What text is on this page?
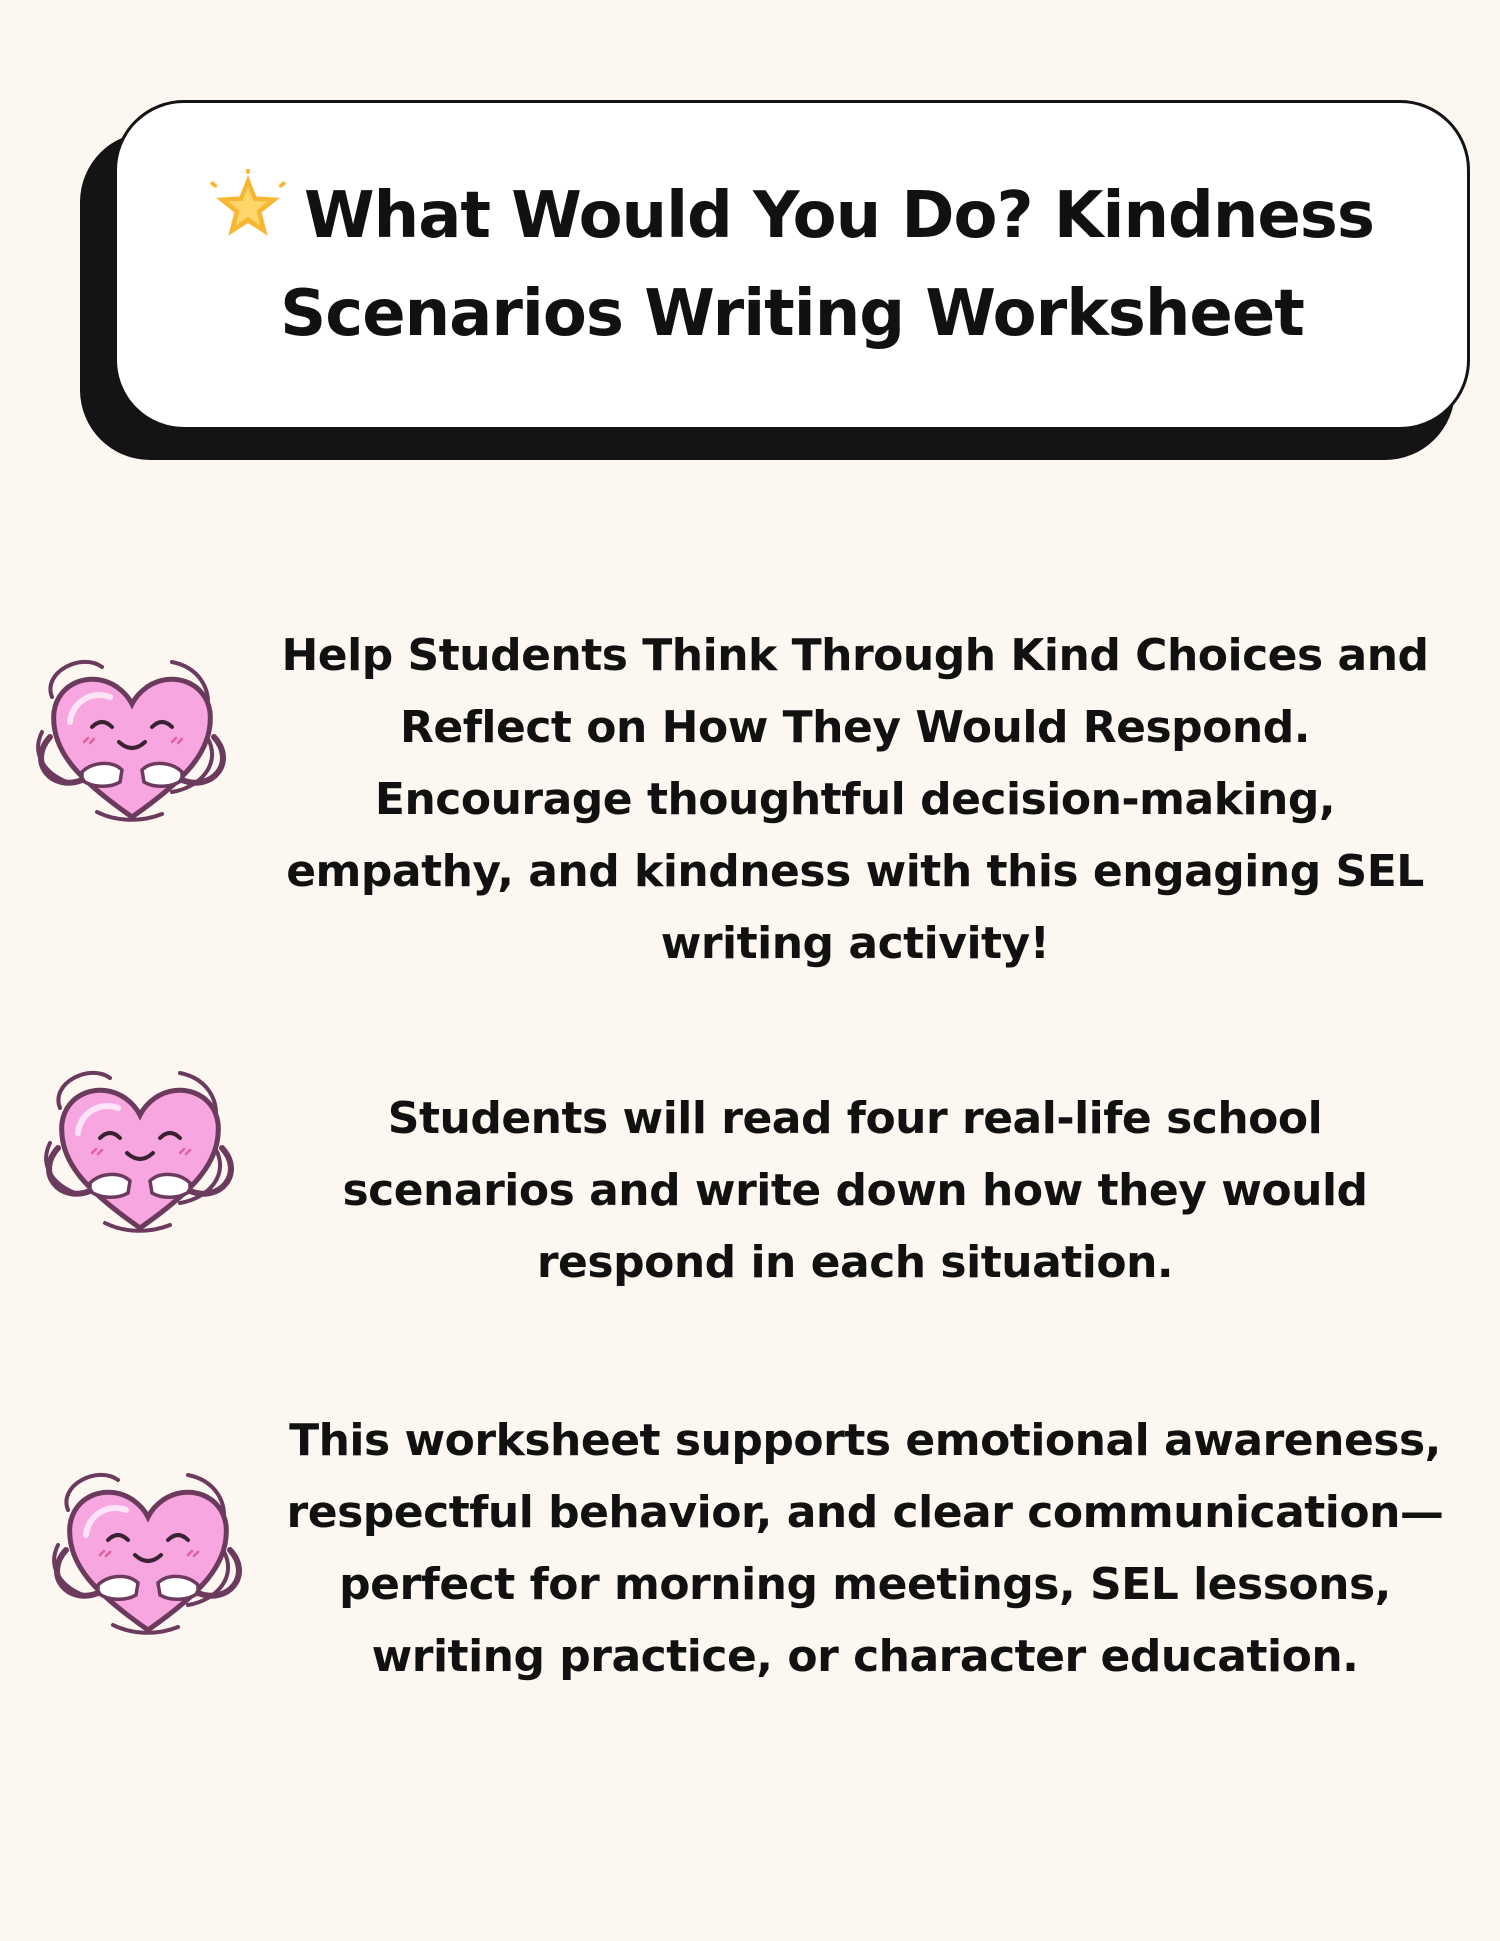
What Would You Do? Kindness Scenarios Writing Worksheet

Help Students Think Through Kind Choices and Reflect on How They Would Respond. Encourage thoughtful decision-making, empathy, and kindness with this engaging SEL writing activity!

Students will read four real-life school scenarios and write down how they would respond in each situation.

This worksheet supports emotional awareness, respectful behavior, and clear communication—perfect for morning meetings, SEL lessons, writing practice, or character education.
